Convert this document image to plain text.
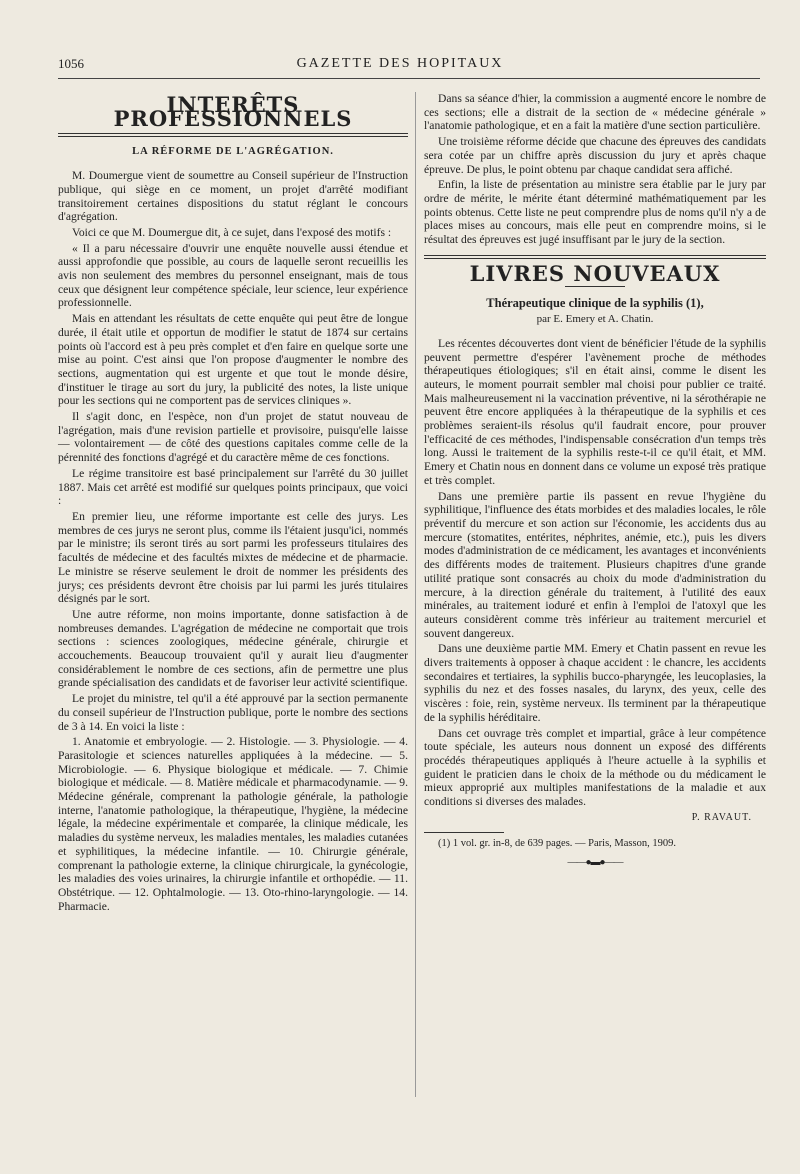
1056	GAZETTE DES HOPITAUX
INTERÊTS PROFESSIONNELS
LA RÉFORME DE L'AGRÉGATION.

M. Doumergue vient de soumettre au Conseil supérieur de l'Instruction publique, qui siège en ce moment, un projet d'arrêté modifiant transitoirement certaines dispositions du statut réglant le concours d'agrégation.

Voici ce que M. Doumergue dit, à ce sujet, dans l'exposé des motifs :

« Il a paru nécessaire d'ouvrir une enquête nouvelle aussi étendue et aussi approfondie que possible, au cours de laquelle seront recueillis les avis non seulement des membres du personnel enseignant, mais de tous ceux que désignent leur compétence spéciale, leur science, leur expérience professionnelle.

Mais en attendant les résultats de cette enquête qui peut être de longue durée, il était utile et opportun de modifier le statut de 1874 sur certains points où l'accord est à peu près complet et d'en faire en quelque sorte une mise au point. C'est ainsi que l'on propose d'augmenter le nombre des sections, augmentation qui est urgente et que tout le monde désire, d'instituer le tirage au sort du jury, la publicité des notes, la liste unique pour les sections qui ne comportent pas de services cliniques ».

Il s'agit donc, en l'espèce, non d'un projet de statut nouveau de l'agrégation, mais d'une revision partielle et provisoire, puisqu'elle laisse — volontairement — de côté des questions capitales comme celle de la pérennité des fonctions d'agrégé et du caractère même de ces fonctions.

Le régime transitoire est basé principalement sur l'arrêté du 30 juillet 1887. Mais cet arrêté est modifié sur quelques points principaux, que voici :

En premier lieu, une réforme importante est celle des jurys. Les membres de ces jurys ne seront plus, comme ils l'étaient jusqu'ici, nommés par le ministre; ils seront tirés au sort parmi les professeurs titulaires des facultés de médecine et des facultés mixtes de médecine et de pharmacie. Le ministre se réserve seulement le droit de nommer les présidents des jurys; ces présidents devront être choisis par lui parmi les jurés titulaires désignés par le sort.

Une autre réforme, non moins importante, donne satisfaction à de nombreuses demandes. L'agrégation de médecine ne comportait que trois sections : sciences zoologiques, médecine générale, chirurgie et accouchements. Beaucoup trouvaient qu'il y aurait lieu d'augmenter considérablement le nombre de ces sections, afin de permettre une plus grande spécialisation des candidats et de favoriser leur activité scientifique.

Le projet du ministre, tel qu'il a été approuvé par la section permanente du conseil supérieur de l'Instruction publique, porte le nombre des sections de 3 à 14. En voici la liste :

1. Anatomie et embryologie. — 2. Histologie. — 3. Physiologie. — 4. Parasitologie et sciences naturelles appliquées à la médecine. — 5. Microbiologie. — 6. Physique biologique et médicale. — 7. Chimie biologique et médicale. — 8. Matière médicale et pharmacodynamie. — 9. Médecine générale, comprenant la pathologie générale, la pathologie interne, l'anatomie pathologique, la thérapeutique, l'hygiène, la médecine légale, la médecine expérimentale et comparée, la clinique médicale, les maladies du système nerveux, les maladies mentales, les maladies cutanées et syphilitiques, la médecine infantile. — 10. Chirurgie générale, comprenant la pathologie externe, la clinique chirurgicale, la gynécologie, les maladies des voies urinaires, la chirurgie infantile et orthopédie. — 11. Obstétrique. — 12. Ophtalmologie. — 13. Oto-rhino-laryngologie. — 14. Pharmacie.

Dans sa séance d'hier, la commission a augmenté encore le nombre de ces sections; elle a distrait de la section de « médecine générale » l'anatomie pathologique, et en a fait la matière d'une section particulière.

Une troisième réforme décide que chacune des épreuves des candidats sera cotée par un chiffre après discussion du jury et après chaque épreuve. De plus, le point obtenu par chaque candidat sera affiché.

Enfin, la liste de présentation au ministre sera établie par le jury par ordre de mérite, le mérite étant déterminé mathématiquement par les points obtenus. Cette liste ne peut comprendre plus de noms qu'il n'y a de places mises au concours, mais elle peut en comprendre moins, si le résultat des épreuves est jugé insuffisant par le jury de la section.

LIVRES NOUVEAUX
Thérapeutique clinique de la syphilis (1),
par E. Emery et A. Chatin.

Les récentes découvertes dont vient de bénéficier l'étude de la syphilis peuvent permettre d'espérer l'avènement proche de méthodes thérapeutiques étiologiques; s'il en était ainsi, comme le disent les auteurs, le moment pourrait sembler mal choisi pour publier ce traité. Mais malheureusement ni la vaccination préventive, ni la sérothérapie ne peuvent être encore appliquées à la thérapeutique de la syphilis et ces problèmes seraient-ils résolus qu'il faudrait encore, pour prouver l'efficacité de ces méthodes, l'indispensable consécration d'un temps très long. Aussi le traitement de la syphilis reste-t-il ce qu'il était, et MM. Emery et Chatin nous en donnent dans ce volume un exposé très pratique et très complet.

Dans une première partie ils passent en revue l'hygiène du syphilitique, l'influence des états morbides et des maladies locales, le rôle préventif du mercure et son action sur l'économie, les accidents dus au mercure (stomatites, entérites, néphrites, anémie, etc.), puis les divers modes d'administration de ce médicament, les avantages et inconvénients des différents modes de traitement. Plusieurs chapitres d'une grande utilité pratique sont consacrés au choix du mode d'administration du mercure, à la direction générale du traitement, à l'utilité des eaux minérales, au traitement ioduré et enfin à l'emploi de l'atoxyl que les auteurs considèrent comme très inférieur au traitement mercuriel et souvent dangereux.

Dans une deuxième partie MM. Emery et Chatin passent en revue les divers traitements à opposer à chaque accident : le chancre, les accidents secondaires et tertiaires, la syphilis bucco-pharyngée, les leucoplasies, la syphilis du nez et des fosses nasales, du larynx, des yeux, celle des viscères : foie, rein, système nerveux. Ils terminent par la thérapeutique de la syphilis héréditaire.

Dans cet ouvrage très complet et impartial, grâce à leur compétence toute spéciale, les auteurs nous donnent un exposé des différents procédés thérapeutiques appliqués à l'heure actuelle à la syphilis et guident le praticien dans le choix de la méthode ou du médicament le mieux approprié aux multiples manifestations de la maladie et aux conditions si diverses des malades.

P. RAVAUT.

(1) 1 vol. gr. in-8, de 639 pages. — Paris, Masson, 1909.

——●▬●——
